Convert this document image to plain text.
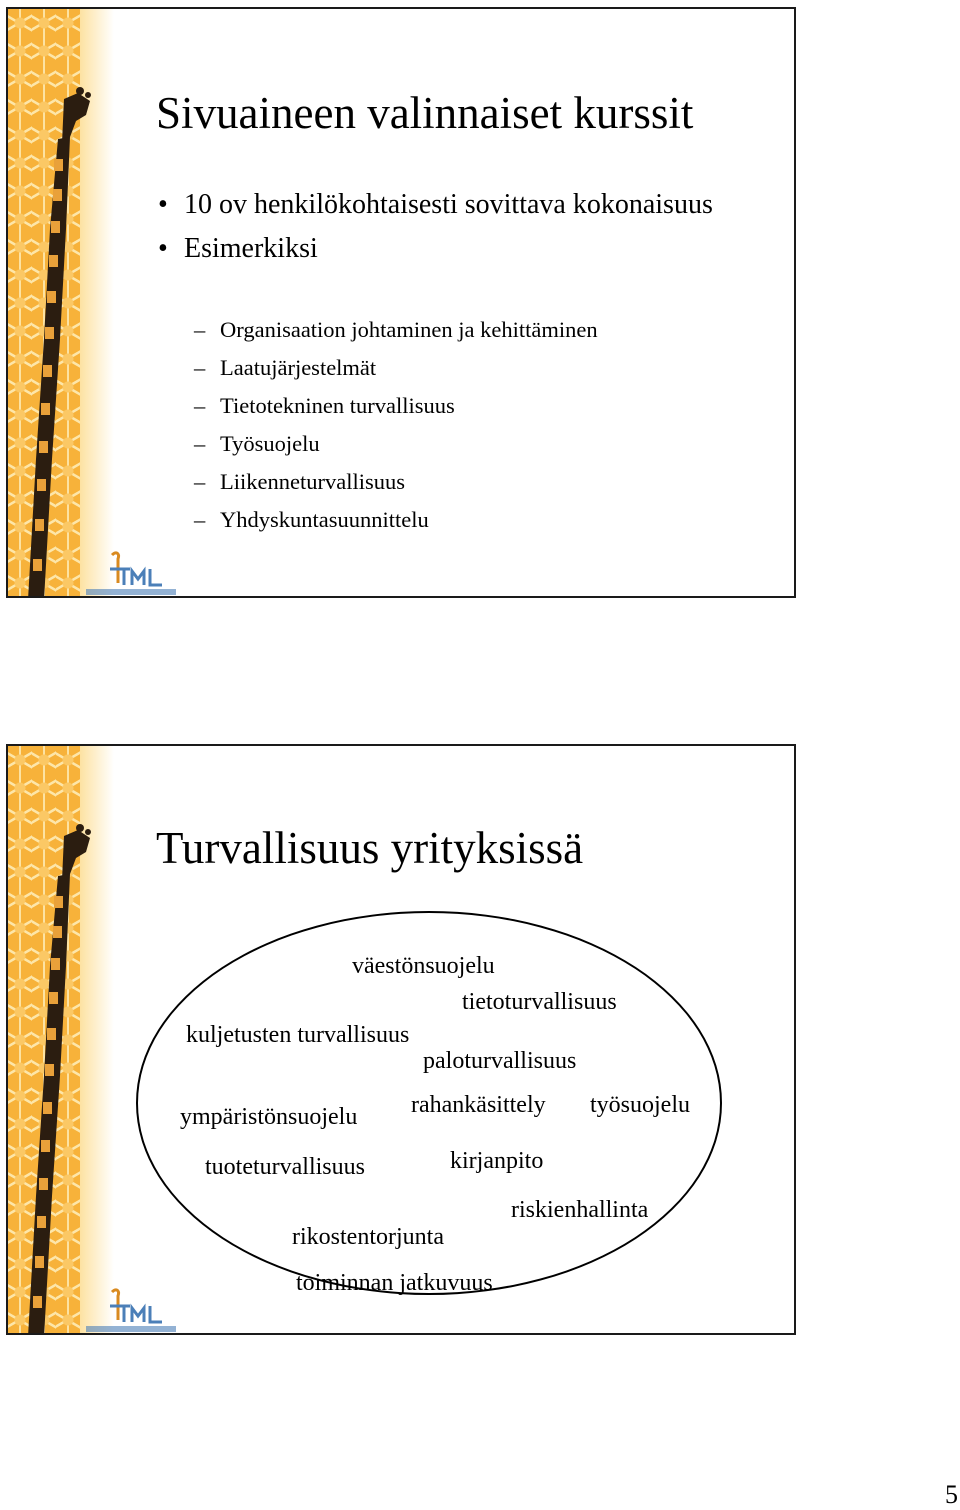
Sivuaineen valinnaiset kurssit
• 10 ov henkilökohtaisesti sovittava kokonaisuus
• Esimerkiksi
– Organisaation johtaminen ja kehittäminen
– Laatujärjestelmät
– Tietotekninen turvallisuus
– Työsuojelu
– Liikenneturvallisuus
– Yhdyskuntasuunnittelu
Turvallisuus yrityksissä
väestönsuojelu
tietoturvallisuus
kuljetusten turvallisuus
paloturvallisuus
ympäristönsuojelu rahankäsittely työsuojelu
tuoteturvallisuus	kirjanpito
riskienhallinta
rikostentorjunta
toiminnan jatkuvuus
5
